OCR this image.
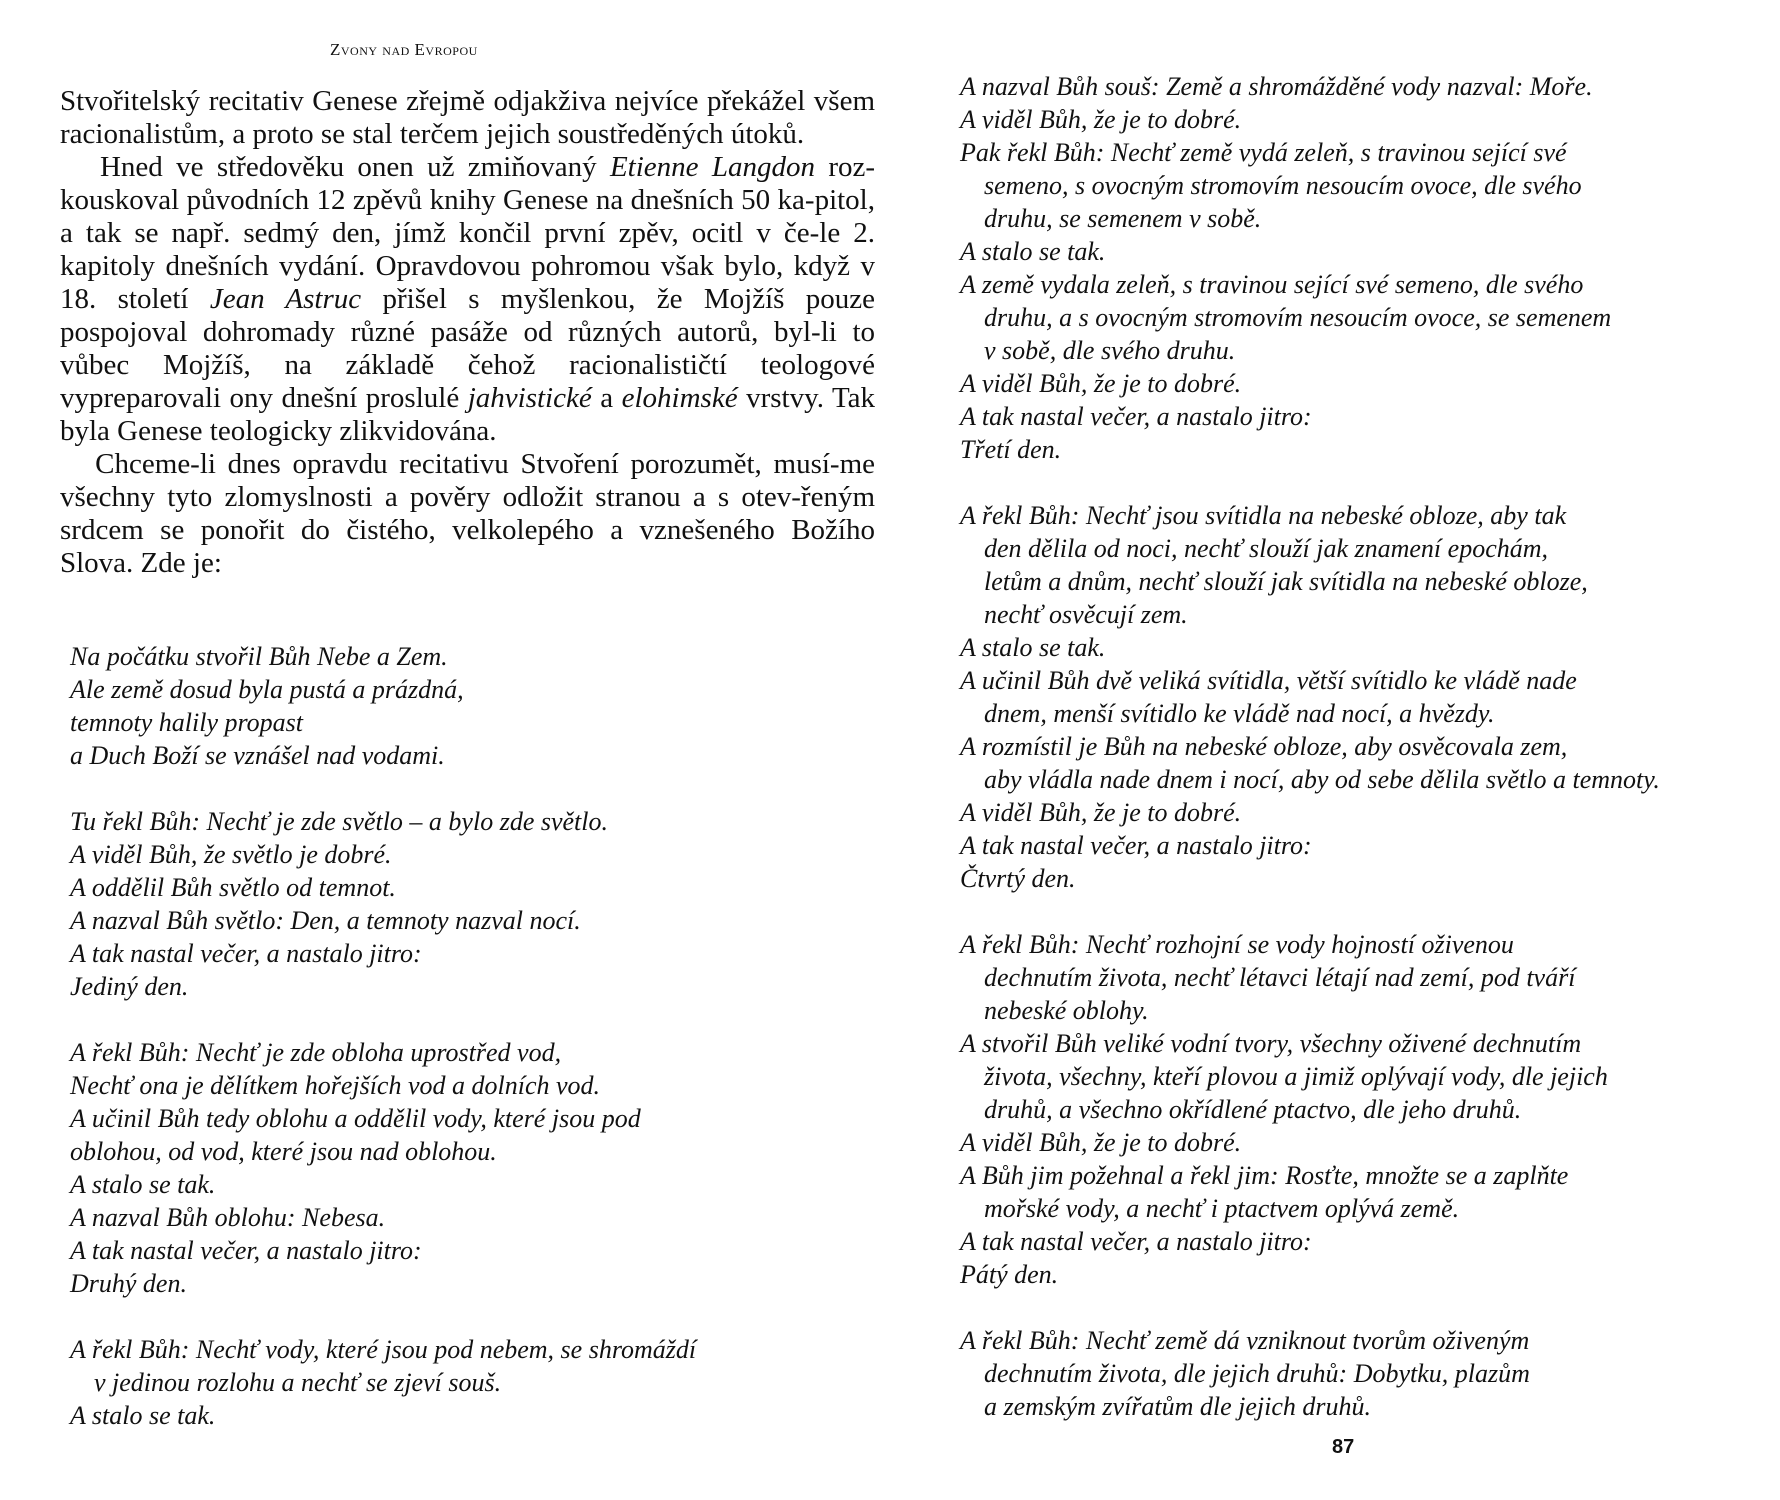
Zvony nad Evropou

Stvořitelský recitativ Genese zřejmě odjakživa nejvíce překážel všem racionalistům, a proto se stal terčem jejich soustředěných útoků.

Hned ve středověku onen už zmiňovaný Etienne Langdon roz-kouskoval původních 12 zpěvů knihy Genese na dnešních 50 ka-pitol, a tak se např. sedmý den, jímž končil první zpěv, ocitl v če-le 2. kapitoly dnešních vydání. Opravdovou pohromou však bylo, když v 18. století Jean Astruc přišel s myšlenkou, že Mojžíš pouze pospojoval dohromady různé pasáže od různých autorů, byl-li to vůbec Mojžíš, na základě čehož racionalističtí teologové vypreparovali ony dnešní proslulé jahvistické a elohimské vrstvy. Tak byla Genese teologicky zlikvidována.

Chceme-li dnes opravdu recitativu Stvoření porozumět, musí-me všechny tyto zlomyslnosti a pověry odložit stranou a s otev-řeným srdcem se ponořit do čistého, velkolepého a vznešeného Božího Slova. Zde je:

Na počátku stvořil Bůh Nebe a Zem.
Ale země dosud byla pustá a prázdná,
temnoty halily propast
a Duch Boží se vznášel nad vodami.
Tu řekl Bůh: Nechť je zde světlo – a bylo zde světlo.
A viděl Bůh, že světlo je dobré.
A oddělil Bůh světlo od temnot.
A nazval Bůh světlo: Den, a temnoty nazval nocí.
A tak nastal večer, a nastalo jitro:
Jediný den.
A řekl Bůh: Nechť je zde obloha uprostřed vod,
Nechť ona je dělítkem hořejších vod a dolních vod.
A učinil Bůh tedy oblohu a oddělil vody, které jsou pod
oblohou, od vod, které jsou nad oblohou.
A stalo se tak.
A nazval Bůh oblohu: Nebesa.
A tak nastal večer, a nastalo jitro:
Druhý den.
A řekl Bůh: Nechť vody, které jsou pod nebem, se shromáždí
v jedinou rozlohu a nechť se zjeví souš.
A stalo se tak.
A nazval Bůh souš: Země a shromážděné vody nazval: Moře.
A viděl Bůh, že je to dobré.
Pak řekl Bůh: Nechť země vydá zeleň, s travinou sející své
semeno, s ovocným stromovím nesoucím ovoce, dle svého
druhu, se semenem v sobě.
A stalo se tak.
A země vydala zeleň, s travinou sející své semeno, dle svého
druhu, a s ovocným stromovím nesoucím ovoce, se semenem
v sobě, dle svého druhu.
A viděl Bůh, že je to dobré.
A tak nastal večer, a nastalo jitro:
Třetí den.
A řekl Bůh: Nechť jsou svítidla na nebeské obloze, aby tak
den dělila od noci, nechť slouží jak znamení epochám,
letům a dnům, nechť slouží jak svítidla na nebeské obloze,
nechť osvěcují zem.
A stalo se tak.
A učinil Bůh dvě veliká svítidla, větší svítidlo ke vládě nade
dnem, menší svítidlo ke vládě nad nocí, a hvězdy.
A rozmístil je Bůh na nebeské obloze, aby osvěcovala zem,
aby vládla nade dnem i nocí, aby od sebe dělila světlo a temnoty.
A viděl Bůh, že je to dobré.
A tak nastal večer, a nastalo jitro:
Čtvrtý den.
A řekl Bůh: Nechť rozhojní se vody hojností oživenou
dechnutím života, nechť létavci létají nad zemí, pod tváří
nebeské oblohy.
A stvořil Bůh veliké vodní tvory, všechny oživené dechnutím
života, všechny, kteří plovou a jimiž oplývají vody, dle jejich
druhů, a všechno okřídlené ptactvo, dle jeho druhů.
A viděl Bůh, že je to dobré.
A Bůh jim požehnal a řekl jim: Rosťte, množte se a zaplňte
mořské vody, a nechť i ptactvem oplývá země.
A tak nastal večer, a nastalo jitro:
Pátý den.
A řekl Bůh: Nechť země dá vzniknout tvorům oživeným
dechnutím života, dle jejich druhů: Dobytku, plazům
a zemským zvířatům dle jejich druhů.
87
